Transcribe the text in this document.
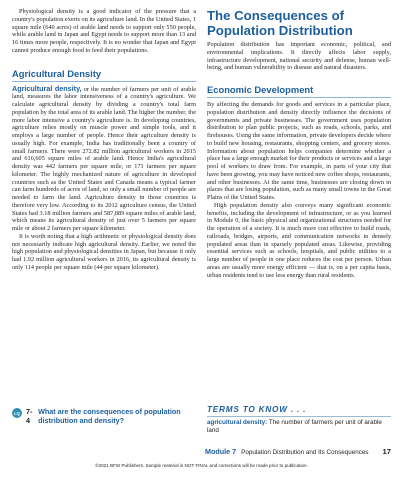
Physiological density is a good indicator of the pressure that a country's population exerts on its agriculture land. In the United States, 1 square mile (640 acres) of arable land needs to support only 550 people, while arable land in Japan and Egypt needs to support more than 13 and 16 times more people, respectively. It is no wonder that Japan and Egypt cannot produce enough food to feed their populations.

Agricultural Density

Agricultural density, or the number of farmers per unit of arable land, measures the labor intensiveness of a country's agriculture. We calculate agricultural density by dividing a country's total farm population by the total area of its arable land. The higher the number, the more labor intensive a country's agriculture is. In developing countries, agriculture relies mostly on muscle power and simple tools, and it employs a large number of people. Hence their agriculture density is usually high. For example, India has traditionally been a country of small farmers. There were 272.82 million agricultural workers in 2015 and 616,605 square miles of arable land. Hence India's agricultural density was 442 farmers per square mile, or 171 farmers per square kilometer. The highly mechanized nature of agriculture in developed countries such as the United States and Canada means a typical farmer can farm hundreds of acres of land, so only a small number of people are needed to farm the land. Agriculture density in those countries is therefore very low. According to its 2012 agriculture census, the United States had 3.18 million farmers and 587,889 square miles of arable land, which means its agricultural density of just over 5 farmers per square mile or about 2 farmers per square kilometer.

It is worth noting that a high arithmetic or physiological density does not necessarily indicate high agricultural density. Earlier, we noted the high population and physiological densities in Japan, but because it only had 1.92 million agricultural workers in 2016, its agricultural density is only 114 people per square mile (44 per square kilometer).

The Consequences of Population Distribution

Population distribution has important economic, political, and environmental implications. It directly affects labor supply, infrastructure development, national security and defense, human well-being, and human vulnerability to disease and natural disasters.

Economic Development

By affecting the demands for goods and services in a particular place, population distribution and density directly influence the decisions of governments and private businesses. The government uses population distribution to plan public projects, such as roads, schools, parks, and firehouses. Using the same information, private developers decide where to build new housing, restaurants, shopping centers, and grocery stores. Information about population helps companies determine whether a place has a large enough market for their products or services and a large pool of workers to draw from. For example, in parts of your city that have been growing, you may have noticed new coffee shops, restaurants, and other businesses. At the same time, businesses are closing down in places that are losing population, such as many small towns in the Great Plains of the United States.

High population density also conveys many significant economic benefits, including the development of infrastructure, or as you learned in Module 0, the basic physical and organizational structures needed for the operation of a society. It is much more cost effective to build roads, railroads, bridges, airports, and communication networks in densely populated areas than in sparsely populated areas. Likewise, providing essential services such as schools, hospitals, and public utilities to a large number of people in one place reduces the cost per person. Urban areas are usually more energy efficient — that is, on a per capita basis, urban residents tend to use less energy than rural residents.

LQ 7-4
What are the consequences of population distribution and density?
TERMS TO KNOW . . .
agricultural density: The number of farmers per unit of arable land
Module 7 Population Distribution and Its Consequences 17
©2021 BFW Publishers. Sample material is NOT FINAL and corrections will be made prior to publication.
